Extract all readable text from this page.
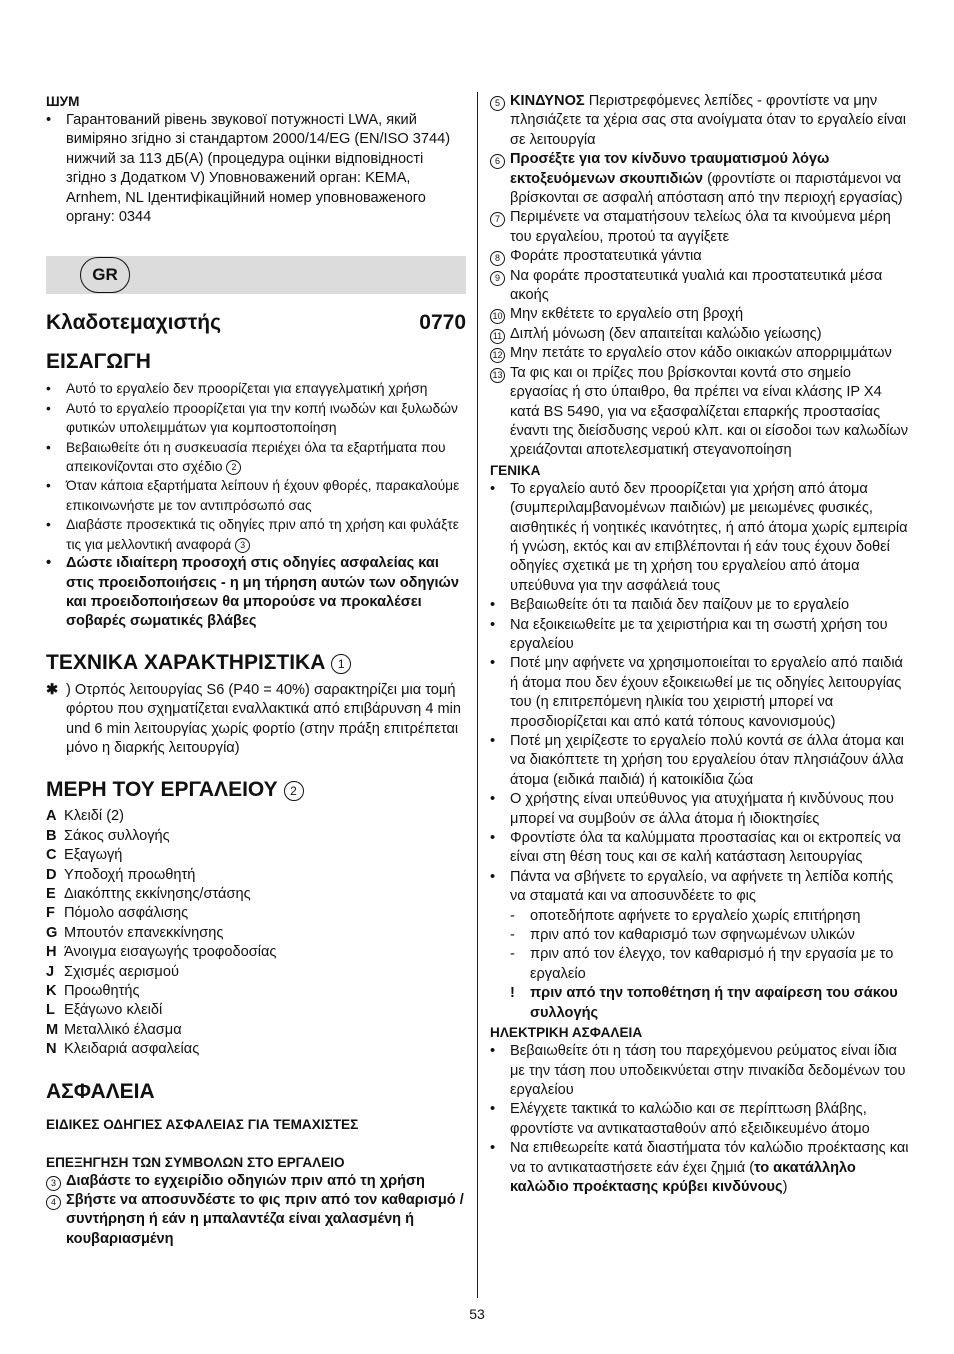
ШУМ

• Гарантований рівень звукової потужності LWA, який виміряно згідно зі стандартом 2000/14/EG (EN/ISO 3744) нижчий за 113 дБ(А) (процедура оцінки відповідності згідно з Додатком V) Уповноважений орган: KEMA, Arnhem, NL Ідентифікаційний номер уповноваженого органу: 0344
GR
Κλαδοτεμαχιστής	0770

ΕΙΣΑΓΩΓΗ

• Αυτό το εργαλείο δεν προορίζεται για επαγγελματική χρήση
• Αυτό το εργαλείο προορίζεται για την κοπή ινωδών και ξυλωδών φυτικών υπολειμμάτων για κομποστοποίηση
• Βεβαιωθείτε ότι η συσκευασία περιέχει όλα τα εξαρτήματα που απεικονίζονται στο σχέδιο 2
• Όταν κάποια εξαρτήματα λείπουν ή έχουν φθορές, παρακαλούμε επικοινωνήστε με τον αντιπρόσωπό σας
• Διαβάστε προσεκτικά τις οδηγίες πριν από τη χρήση και φυλάξτε τις για μελλοντική αναφορά 3
• Δώστε ιδιαίτερη προσοχή στις οδηγίες ασφαλείας και στις προειδοποιήσεις - η μη τήρηση αυτών των οδηγιών και προειδοποιήσεων θα μπορούσε να προκαλέσει σοβαρές σωματικές βλάβες

ΤΕΧΝΙΚΑ ΧΑΡΑΚΤΗΡΙΣΤΙΚΑ 1

✱ ) Οτρπός λειτουργίας S6 (P40 = 40%) σαρακτηρίζει μια τομή φόρτου που σχηματίζεται εναλλακτικά από επιβάρυνση 4 min und 6 min λειτουργίας χωρίς φορτίο (στην πράξη επιτρέπεται μόνο η διαρκής λειτουργία)

ΜΕΡΗ ΤΟΥ ΕΡΓΑΛΕΙΟΥ 2

A Κλειδί (2)
B Σάκος συλλογής
C Εξαγωγή
D Υποδοχή προωθητή
E Διακόπτης εκκίνησης/στάσης
F Πόμολο ασφάλισης
G Μπουτόν επανεκκίνησης
H Άνοιγμα εισαγωγής τροφοδοσίας
J Σχισμές αερισμού
K Προωθητής
L Εξάγωνο κλειδί
M Μεταλλικό έλασμα
N Κλειδαριά ασφαλείας

ΑΣΦΑΛΕΙΑ

ΕΙΔΙΚΕΣ ΟΔΗΓΙΕΣ ΑΣΦΑΛΕΙΑΣ ΓΙΑ ΤΕΜΑΧΙΣΤΕΣ

ΕΠΕΞΗΓΗΣΗ ΤΩΝ ΣΥΜΒΟΛΩΝ ΣΤΟ ΕΡΓΑΛΕΙΟ

3 Διαβάστε το εγχειρίδιο οδηγιών πριν από τη χρήση
4 Σβήστε να αποσυνδέστε το φις πριν από τον καθαρισμό / συντήρηση ή εάν η μπαλαντέζα είναι χαλασμένη ή κουβαριασμένη
5 ΚΙΝΔΥΝΟΣ Περιστρεφόμενες λεπίδες - φροντίστε να μην πλησιάζετε τα χέρια σας στα ανοίγματα όταν το εργαλείο είναι σε λειτουργία
6 Προσέξτε για τον κίνδυνο τραυματισμού λόγω εκτοξευόμενων σκουπιδιών (φροντίστε οι παριστάμενοι να βρίσκονται σε ασφαλή απόσταση από την περιοχή εργασίας)
7 Περιμένετε να σταματήσουν τελείως όλα τα κινούμενα μέρη του εργαλείου, προτού τα αγγίξετε
8 Φοράτε προστατευτικά γάντια
9 Να φοράτε προστατευτικά γυαλιά και προστατευτικά μέσα ακοής
10 Μην εκθέτετε το εργαλείο στη βροχή
11 Διπλή μόνωση (δεν απαιτείται καλώδιο γείωσης)
12 Μην πετάτε το εργαλείο στον κάδο οικιακών απορριμμάτων
13 Τα φις και οι πρίζες που βρίσκονται κοντά στο σημείο εργασίας ή στο ύπαιθρο, θα πρέπει να είναι κλάσης IP X4 κατά BS 5490, για να εξασφαλίζεται επαρκής προστασίας έναντι της διείσδυσης νερού κλπ. και οι είσοδοι των καλωδίων χρειάζονται αποτελεσματική στεγανοποίηση

ΓΕΝΙΚΑ

• Το εργαλείο αυτό δεν προορίζεται για χρήση από άτομα (συμπεριλαμβανομένων παιδιών) με μειωμένες φυσικές, αισθητικές ή νοητικές ικανότητες, ή από άτομα χωρίς εμπειρία ή γνώση, εκτός και αν επιβλέπονται ή εάν τους έχουν δοθεί οδηγίες σχετικά με τη χρήση του εργαλείου από άτομα υπεύθυνα για την ασφάλειά τους
• Βεβαιωθείτε ότι τα παιδιά δεν παίζουν με το εργαλείο
• Να εξοικειωθείτε με τα χειριστήρια και τη σωστή χρήση του εργαλείου
• Ποτέ μην αφήνετε να χρησιμοποιείται το εργαλείο από παιδιά ή άτομα που δεν έχουν εξοικειωθεί με τις οδηγίες λειτουργίας του (η επιτρεπόμενη ηλικία του χειριστή μπορεί να προσδιορίζεται και από κατά τόπους κανονισμούς)
• Ποτέ μη χειρίζεστε το εργαλείο πολύ κοντά σε άλλα άτομα και να διακόπτετε τη χρήση του εργαλείου όταν πλησιάζουν άλλα άτομα (ειδικά παιδιά) ή κατοικίδια ζώα
• Ο χρήστης είναι υπεύθυνος για ατυχήματα ή κινδύνους που μπορεί να συμβούν σε άλλα άτομα ή ιδιοκτησίες
• Φροντίστε όλα τα καλύμματα προστασίας και οι εκτροπείς να είναι στη θέση τους και σε καλή κατάσταση λειτουργίας
• Πάντα να σβήνετε το εργαλείο, να αφήνετε τη λεπίδα κοπής να σταματά και να αποσυνδέετε το φις
- οποτεδήποτε αφήνετε το εργαλείο χωρίς επιτήρηση
- πριν από τον καθαρισμό των σφηνωμένων υλικών
- πριν από τον έλεγχο, τον καθαρισμό ή την εργασία με το εργαλείο
! πριν από την τοποθέτηση ή την αφαίρεση του σάκου συλλογής

ΗΛΕΚΤΡΙΚΗ ΑΣΦΑΛΕΙΑ

• Βεβαιωθείτε ότι η τάση του παρεχόμενου ρεύματος είναι ίδια με την τάση που υποδεικνύεται στην πινακίδα δεδομένων του εργαλείου
• Ελέγχετε τακτικά το καλώδιο και σε περίπτωση βλάβης, φροντίστε να αντικατασταθούν από εξειδικευμένο άτομο
• Να επιθεωρείτε κατά διαστήματα τόν καλώδιο προέκτασης και να το αντικαταστήσετε εάν έχει ζημιά (το ακατάλληλο καλώδιο προέκτασης κρύβει κινδύνους)
53
